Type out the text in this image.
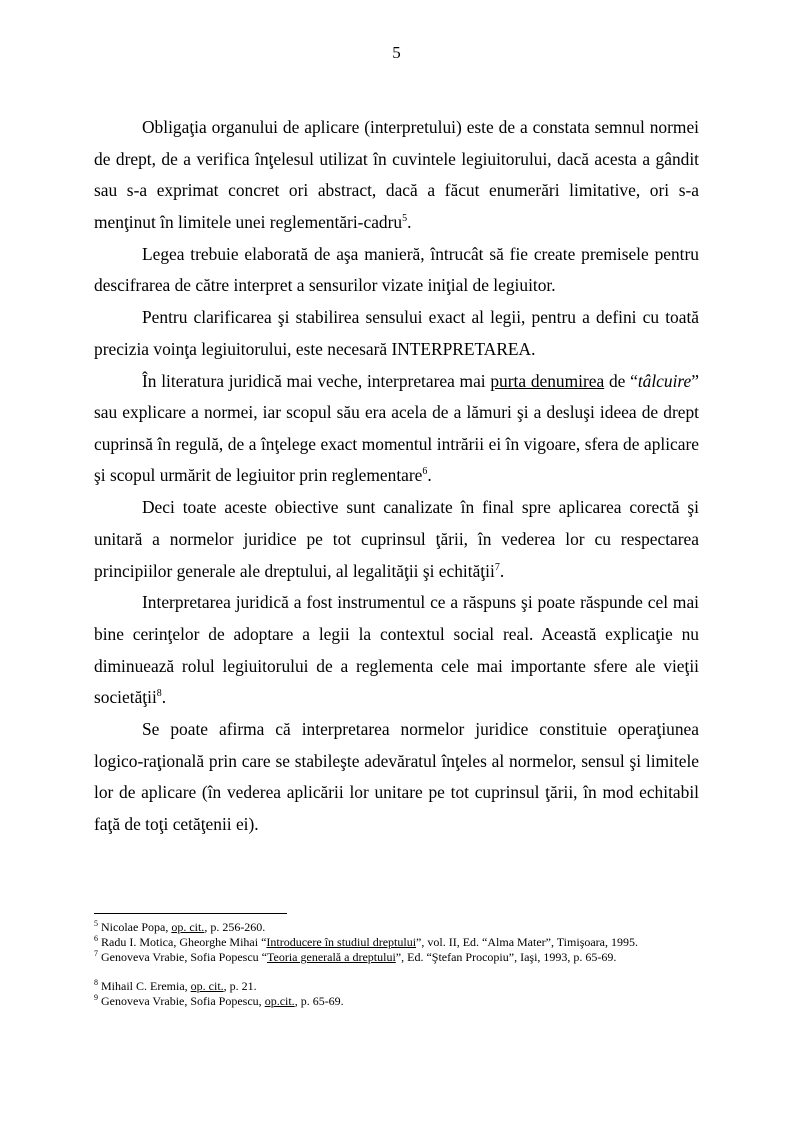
5

Obligaţia organului de aplicare (interpretului) este de a constata semnul normei de drept, de a verifica înţelesul utilizat în cuvintele legiuitorului, dacă acesta a gândit sau s-a exprimat concret ori abstract, dacă a făcut enumerări limitative, ori s-a menţinut în limitele unei reglementări-cadru$^5$.

Legea trebuie elaborată de aşa manieră, întrucât să fie create premisele pentru descifrarea de către interpret a sensurilor vizate iniţial de legiuitor.

Pentru clarificarea şi stabilirea sensului exact al legii, pentru a defini cu toată precizia voinţa legiuitorului, este necesară INTERPRETAREA.

În literatura juridică mai veche, interpretarea mai purta denumirea de “tâlcuire” sau explicare a normei, iar scopul său era acela de a lămuri şi a desluşi ideea de drept cuprinsă în regulă, de a înţelege exact momentul intrării ei în vigoare, sfera de aplicare şi scopul urmărit de legiuitor prin reglementare$^6$.

Deci toate aceste obiective sunt canalizate în final spre aplicarea corectă şi unitară a normelor juridice pe tot cuprinsul ţării, în vederea lor cu respectarea principiilor generale ale dreptului, al legalităţii şi echităţii$^7$.

Interpretarea juridică a fost instrumentul ce a răspuns şi poate răspunde cel mai bine cerinţelor de adoptare a legii la contextul social real. Această explicaţie nu diminuează rolul legiuitorului de a reglementa cele mai importante sfere ale vieţii societăţii$^8$.

Se poate afirma că interpretarea normelor juridice constituie operaţiunea logico-raţională prin care se stabileşte adevăratul înţeles al normelor, sensul şi limitele lor de aplicare (în vederea aplicării lor unitare pe tot cuprinsul ţării, în mod echitabil faţă de toţi cetăţenii ei).

$^5$ Nicolae Popa, op. cit., p. 256-260.
$^6$ Radu I. Motica, Gheorghe Mihai “Introducere în studiul dreptului”, vol. II, Ed. “Alma Mater”, Timişoara, 1995.
$^7$ Genoveva Vrabie, Sofia Popescu “Teoria generală a dreptului”, Ed. “Ştefan Procopiu”, Iaşi, 1993, p. 65-69.
$^8$ Mihail C. Eremia, op. cit., p. 21.
$^9$ Genoveva Vrabie, Sofia Popescu, op.cit., p. 65-69.
